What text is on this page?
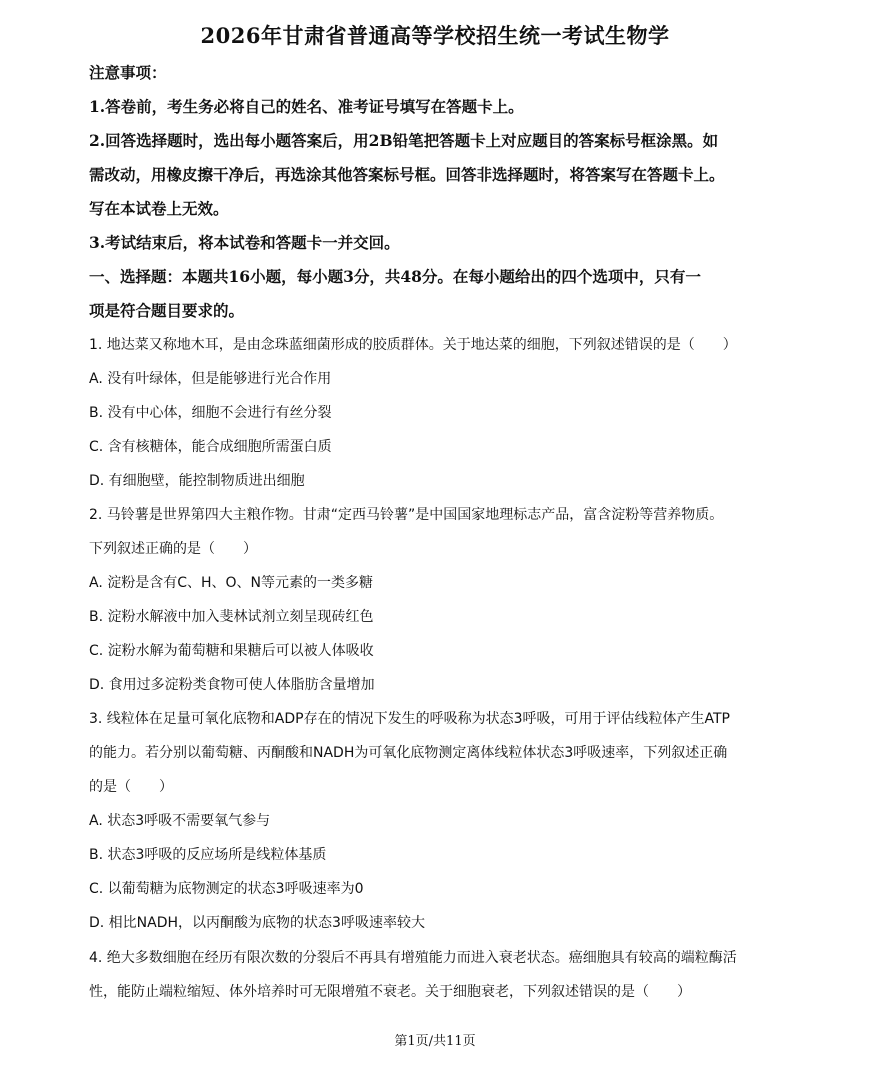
2026年甘肃省普通高等学校招生统一考试生物学
注意事项：
1.答卷前，考生务必将自己的姓名、准考证号填写在答题卡上。
2.回答选择题时，选出每小题答案后，用2B铅笔把答题卡上对应题目的答案标号框涂黑。如
需改动，用橡皮擦干净后，再选涂其他答案标号框。回答非选择题时，将答案写在答题卡上。
写在本试卷上无效。
3.考试结束后，将本试卷和答题卡一并交回。
一、选择题：本题共16小题，每小题3分，共48分。在每小题给出的四个选项中，只有一
项是符合题目要求的。
1. 地达菜又称地木耳，是由念珠蓝细菌形成的胶质群体。关于地达菜的细胞，下列叙述错误的是（　　）
A. 没有叶绿体，但是能够进行光合作用
B. 没有中心体，细胞不会进行有丝分裂
C. 含有核糖体，能合成细胞所需蛋白质
D. 有细胞壁，能控制物质进出细胞
2. 马铃薯是世界第四大主粮作物。甘肃“定西马铃薯”是中国国家地理标志产品，富含淀粉等营养物质。
下列叙述正确的是（　　）
A. 淀粉是含有C、H、O、N等元素的一类多糖
B. 淀粉水解液中加入斐林试剂立刻呈现砖红色
C. 淀粉水解为葡萄糖和果糖后可以被人体吸收
D. 食用过多淀粉类食物可使人体脂肪含量增加
3. 线粒体在足量可氧化底物和ADP存在的情况下发生的呼吸称为状态3呼吸，可用于评估线粒体产生ATP
的能力。若分别以葡萄糖、丙酮酸和NADH为可氧化底物测定离体线粒体状态3呼吸速率，下列叙述正确
的是（　　）
A. 状态3呼吸不需要氧气参与
B. 状态3呼吸的反应场所是线粒体基质
C. 以葡萄糖为底物测定的状态3呼吸速率为0
D. 相比NADH，以丙酮酸为底物的状态3呼吸速率较大
4. 绝大多数细胞在经历有限次数的分裂后不再具有增殖能力而进入衰老状态。癌细胞具有较高的端粒酶活
性，能防止端粒缩短、体外培养时可无限增殖不衰老。关于细胞衰老，下列叙述错误的是（　　）
第1页/共11页
